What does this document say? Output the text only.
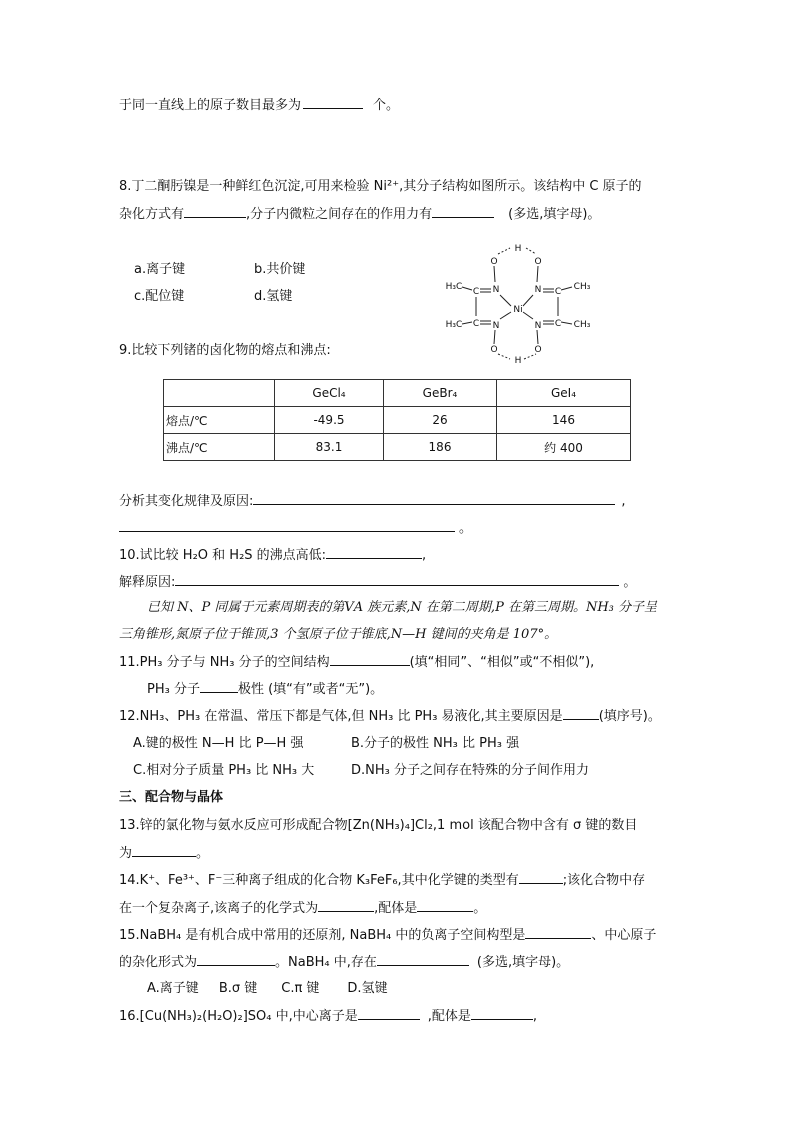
于同一直线上的原子数目最多为	个。
8.丁二酮肟镍是一种鲜红色沉淀,可用来检验 Ni²⁺,其分子结构如图所示。该结构中 C 原子的
杂化方式有	,分子内微粒之间存在的作用力有	(多选,填字母)。
a.离子键	b.共价键
c.配位键	d.氢键
H
O	O
H₃C C N
Ni
N C CH₃
H₃C C N	N C CH₃
O
H
O
9.比较下列锗的卤化物的熔点和沸点:
	GeCl₄	GeBr₄	GeI₄
熔点/℃	-49.5	26	146
沸点/℃	83.1	186	约 400
分析其变化规律及原因:	,
。
10.试比较 H₂O 和 H₂S 的沸点高低:	,
解释原因:	。
已知 N、P 同属于元素周期表的第ⅤA 族元素,N 在第二周期,P 在第三周期。NH₃ 分子呈
三角锥形,氮原子位于锥顶,3 个氢原子位于锥底,N—H 键间的夹角是 107°。
11.PH₃ 分子与 NH₃ 分子的空间结构	(填“相同”、“相似”或“不相似”),
PH₃ 分子	极性 (填“有”或者“无”)。
12.NH₃、PH₃ 在常温、常压下都是气体,但 NH₃ 比 PH₃ 易液化,其主要原因是	(填序号)。
A.键的极性 N—H 比 P—H 强	B.分子的极性 NH₃ 比 PH₃ 强
C.相对分子质量 PH₃ 比 NH₃ 大	D.NH₃ 分子之间存在特殊的分子间作用力
三、配合物与晶体
13.锌的氯化物与氨水反应可形成配合物[Zn(NH₃)₄]Cl₂,1 mol 该配合物中含有 σ 键的数目
为	。
14.K⁺、Fe³⁺、F⁻三种离子组成的化合物 K₃FeF₆,其中化学键的类型有	;该化合物中存
在一个复杂离子,该离子的化学式为	,配体是	。
15.NaBH₄ 是有机合成中常用的还原剂, NaBH₄ 中的负离子空间构型是	、中心原子
的杂化形式为	。NaBH₄ 中,存在	(多选,填字母)。
A.离子键 B.σ 键 C.π 键 D.氢键
16.[Cu(NH₃)₂(H₂O)₂]SO₄ 中,中心离子是	,配体是	,
